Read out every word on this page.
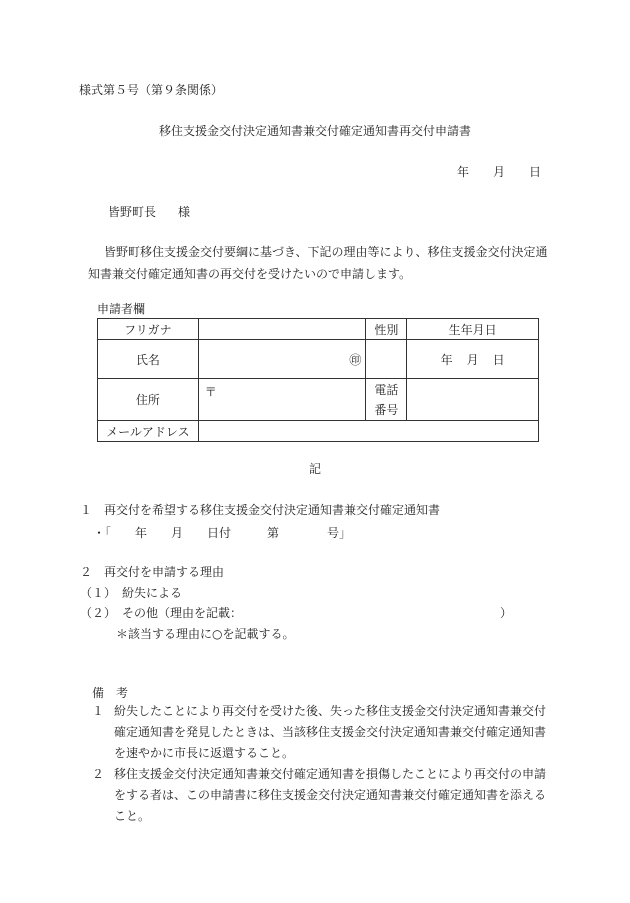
様式第５号（第９条関係）
移住支援金交付決定通知書兼交付確定通知書再交付申請書
年 月 日
皆野町長 様
皆野町移住支援金交付要綱に基づき、下記の理由等により、移住支援金交付決定通知書兼交付確定通知書の再交付を受けたいので申請します。
申請者欄
フリガナ		性別	生年月日
氏名	㊞		年 月 日
住所	〒	電話
番号	
メールアドレス			
記
１　再交付を希望する移住支援金交付決定通知書兼交付確定通知書
・「　　年　　月　　日付　　　第　　　　号」
２　再交付を申請する理由
（１）　紛失による
（２）　その他（理由を記載：　　　　　　　　　　　　　　　　　　　　　　）
＊該当する理由に○を記載する。
備　考
１ 紛失したことにより再交付を受けた後、失った移住支援金交付決定通知書兼交付確定通知書を発見したときは、当該移住支援金交付決定通知書兼交付確定通知書を速やかに市長に返還すること。
２ 移住支援金交付決定通知書兼交付確定通知書を損傷したことにより再交付の申請をする者は、この申請書に移住支援金交付決定通知書兼交付確定通知書を添えること。
